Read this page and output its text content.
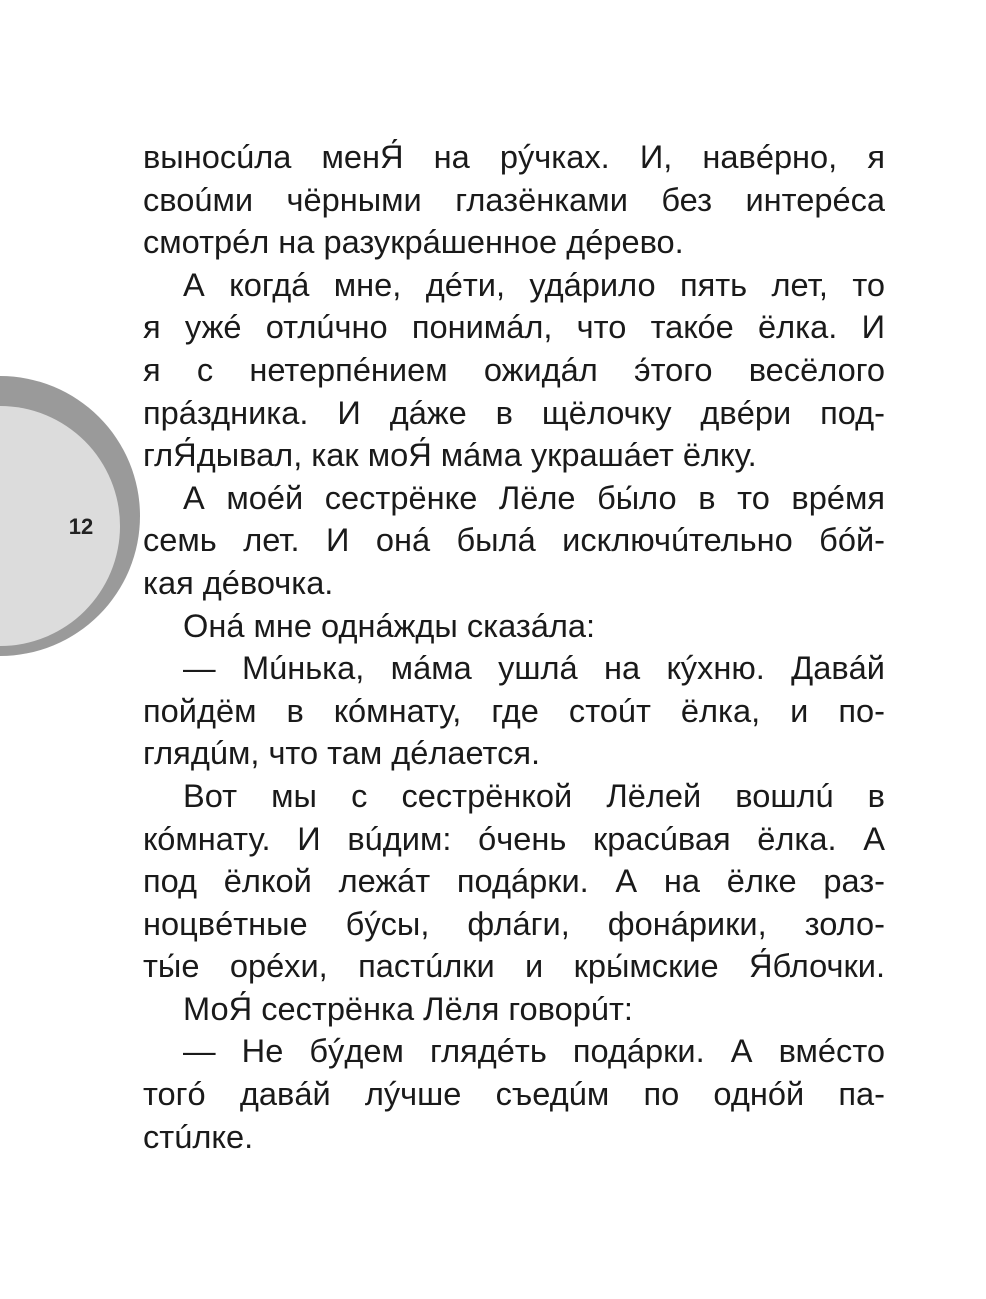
12
выносúла менЯ́ на рýчках. И, навéрно, я
своúми чёрными глазёнками без интерéса
смотрéл на разукрáшенное дéрево.
А когдá мне, дéти, удáрило пять лет, то
я ужé отлúчно понимáл, что такóе ёлка. И
я с нетерпéнием ожидáл э́того весёлого
прáздника. И дáже в щёлочку двéри под-
глЯ́дывал, как моЯ́ мáма украшáет ёлку.
А моéй сестрёнке Лёле бы́ло в то врéмя
семь лет. И онá былá исключúтельно бóй-
кая дéвочка.
Онá мне однáжды сказáла:
— Мúнька, мáма ушлá на кýхню. Давáй
пойдём в кóмнату, где стоúт ёлка, и по-
глядúм, что там дéлается.
Вот мы с сестрёнкой Лёлей вошлú в
кóмнату. И вúдим: óчень красúвая ёлка. А
под ёлкой лежáт подáрки. А на ёлке раз-
ноцвéтные бýсы, флáги, фонáрики, золо-
ты́е орéхи, пастúлки и кры́мские Я́блочки.
МоЯ́ сестрёнка Лёля говорúт:
— Не бýдем глядéть подáрки. А вмéсто
тогó давáй лýчше съедúм по однóй па-
стúлке.
